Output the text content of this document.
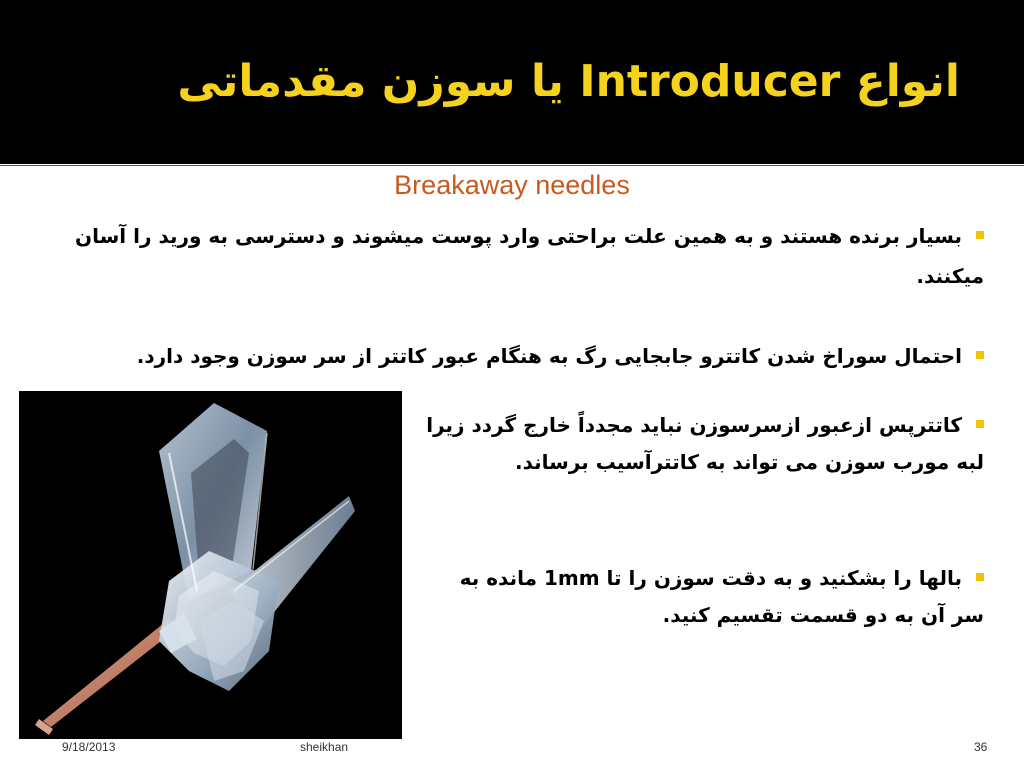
انواع Introducer یا سوزن مقدماتی
Breakaway needles
بسیار برنده هستند و به همین علت براحتی وارد پوست میشوند و دسترسی به ورید را آسان میکنند.
احتمال سوراخ شدن کاتترو جابجایی رگ به هنگام عبور کاتتر از سر سوزن وجود دارد.
کاتترپس ازعبور ازسرسوزن نباید مجدداً خارج گردد زیرا لبه مورب سوزن می تواند به کاتترآسیب برساند.
بالها را بشکنید و به دقت سوزن را تا 1mm مانده به سر آن به دو قسمت تقسیم کنید.
9/18/2013	sheikhan	36
